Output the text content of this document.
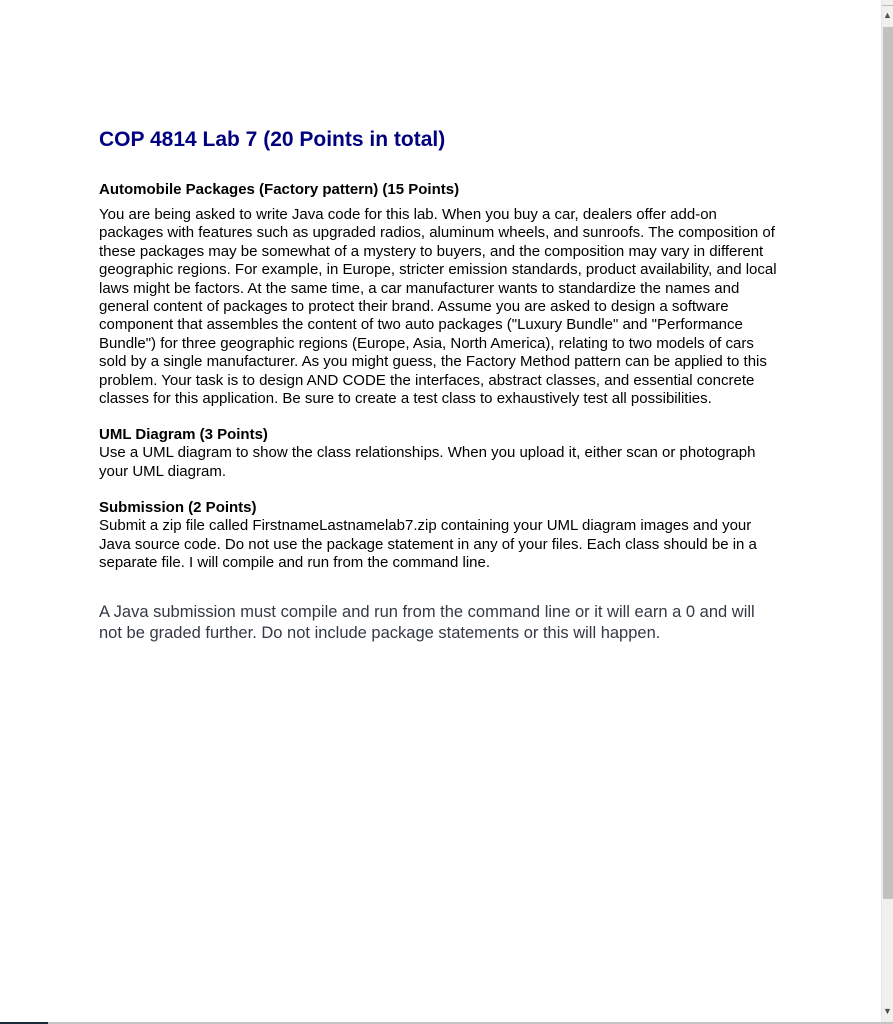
COP 4814 Lab 7 (20 Points in total)
Automobile Packages (Factory pattern) (15 Points)

You are being asked to write Java code for this lab. When you buy a car, dealers offer add-on packages with features such as upgraded radios, aluminum wheels, and sunroofs. The composition of these packages may be somewhat of a mystery to buyers, and the composition may vary in different geographic regions. For example, in Europe, stricter emission standards, product availability, and local laws might be factors. At the same time, a car manufacturer wants to standardize the names and general content of packages to protect their brand. Assume you are asked to design a software component that assembles the content of two auto packages ("Luxury Bundle" and "Performance Bundle") for three geographic regions (Europe, Asia, North America), relating to two models of cars sold by a single manufacturer. As you might guess, the Factory Method pattern can be applied to this problem. Your task is to design AND CODE the interfaces, abstract classes, and essential concrete classes for this application. Be sure to create a test class to exhaustively test all possibilities.

UML Diagram (3 Points)

Use a UML diagram to show the class relationships. When you upload it, either scan or photograph your UML diagram.

Submission (2 Points)

Submit a zip file called FirstnameLastnamelab7.zip containing your UML diagram images and your Java source code. Do not use the package statement in any of your files. Each class should be in a separate file. I will compile and run from the command line.

A Java submission must compile and run from the command line or it will earn a 0 and will not be graded further. Do not include package statements or this will happen.

▲
▼
